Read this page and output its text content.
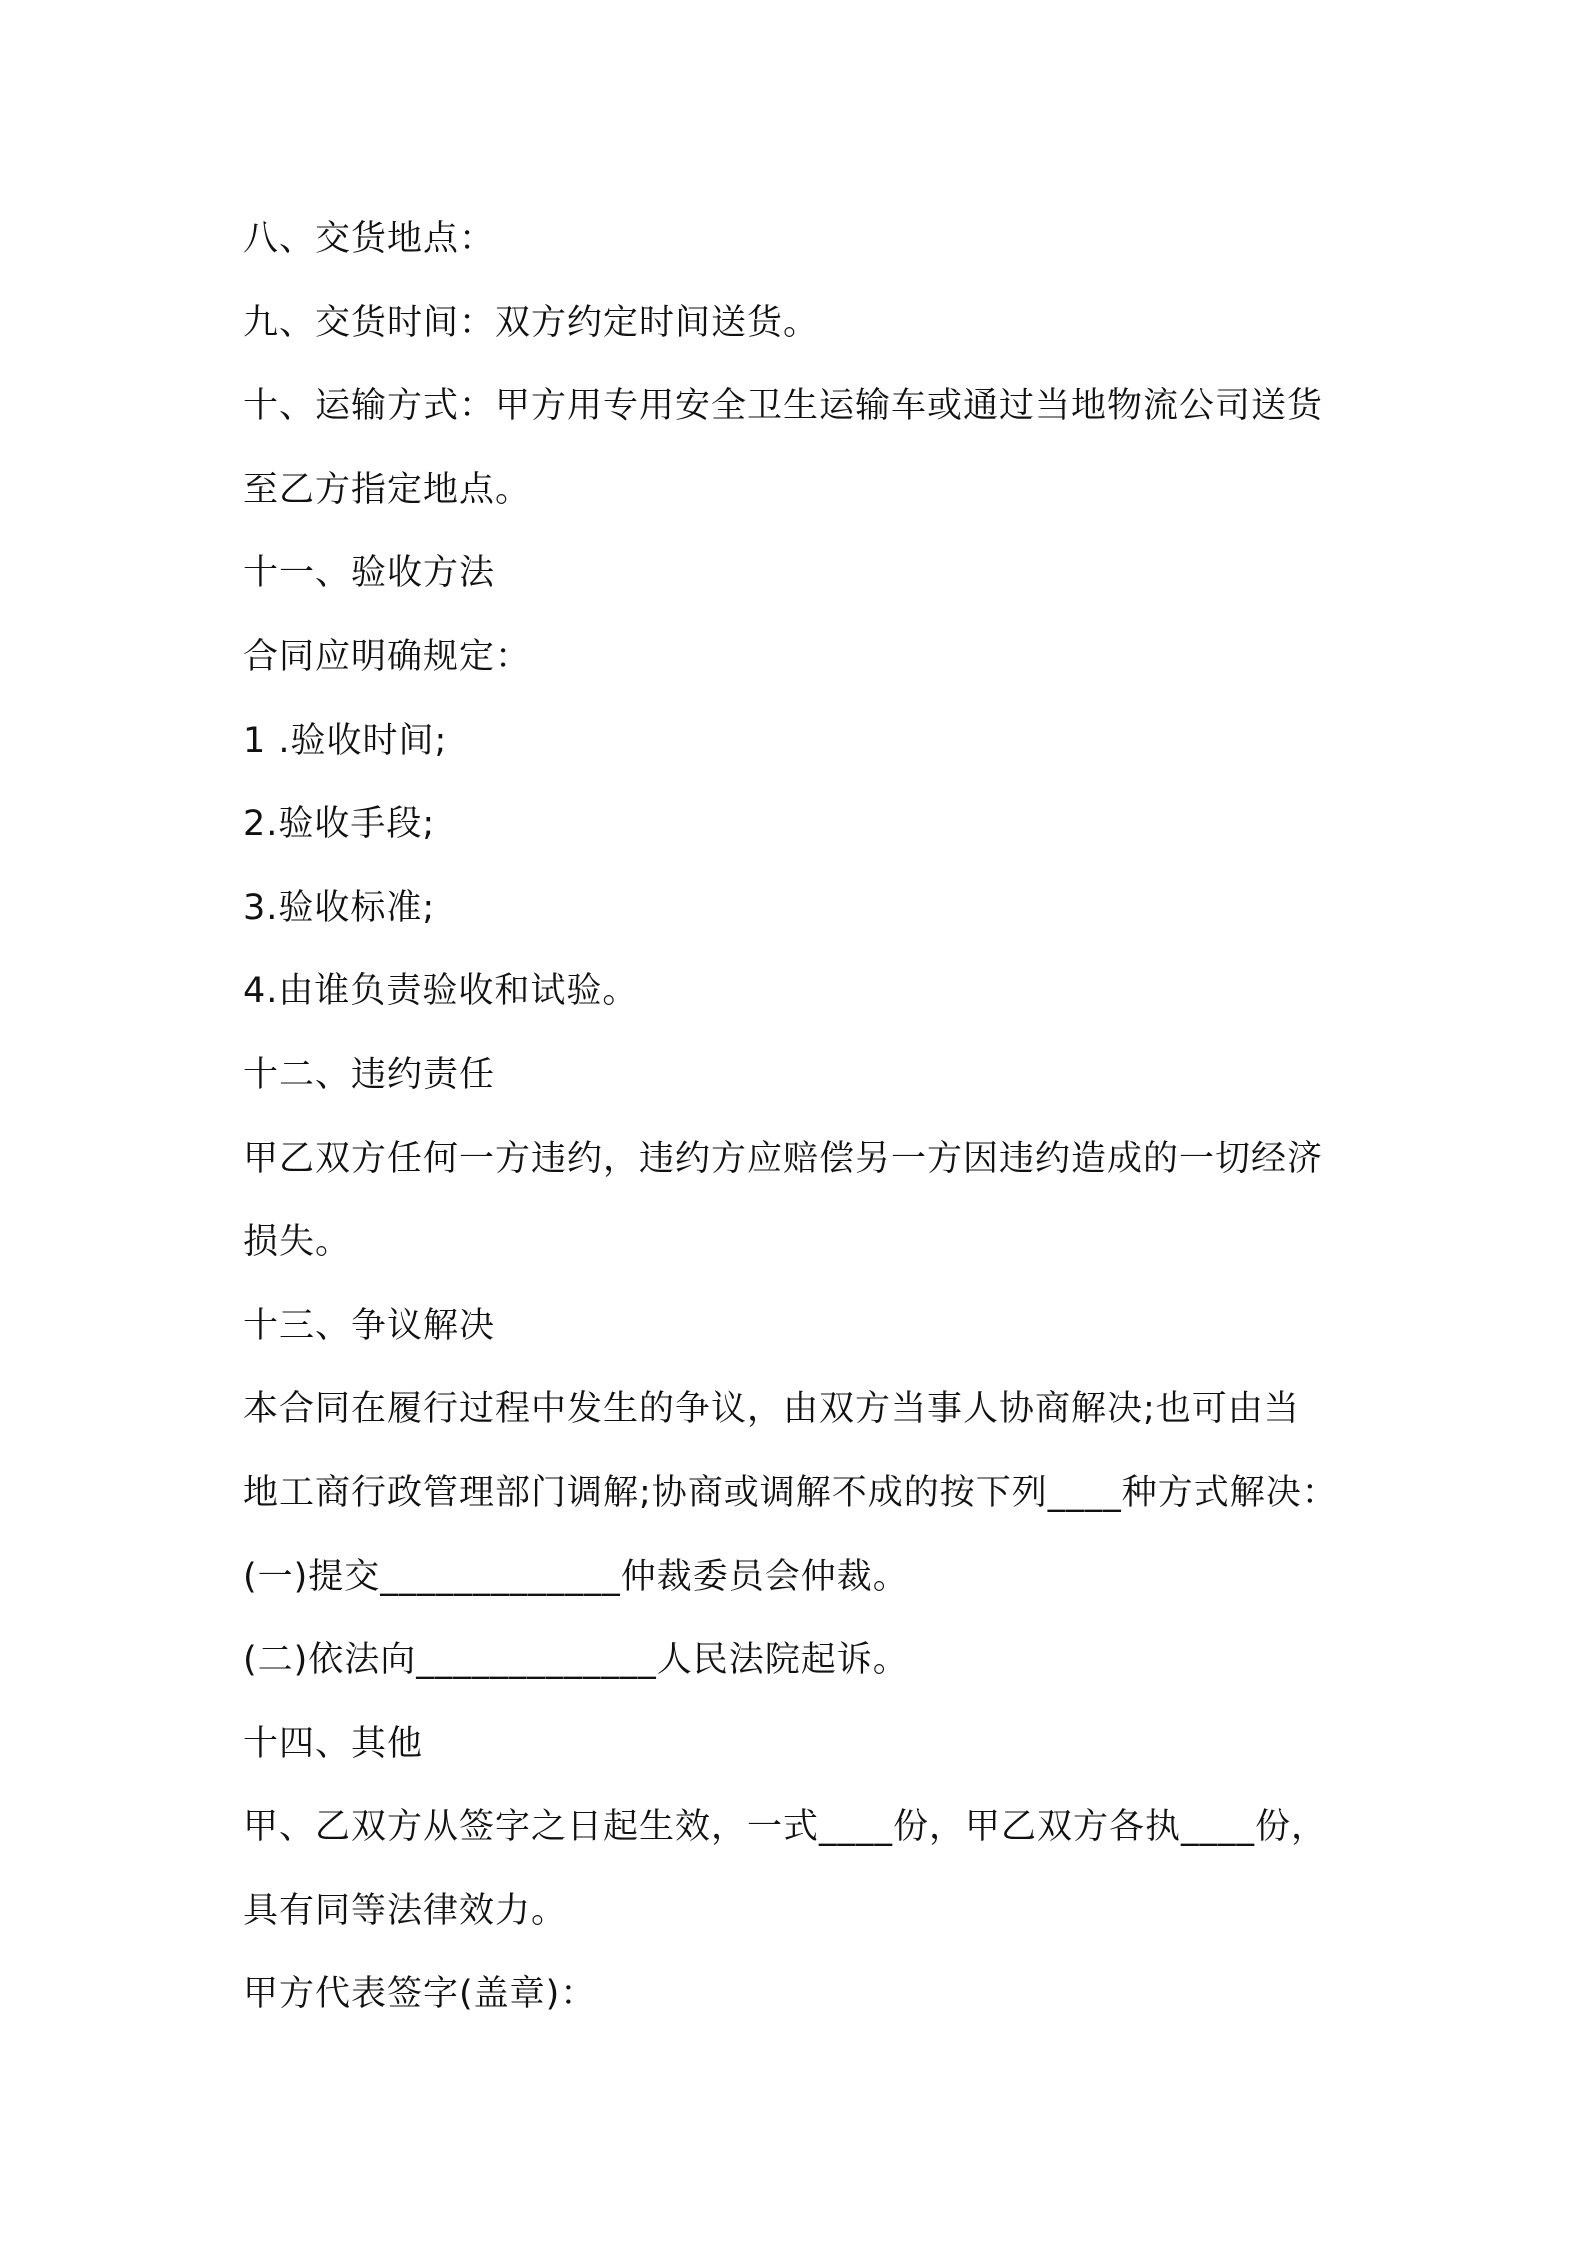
八、交货地点：
九、交货时间：双方约定时间送货。
十、运输方式：甲方用专用安全卫生运输车或通过当地物流公司送货
至乙方指定地点。
十一、验收方法
合同应明确规定：
1 .验收时间;
2.验收手段;
3.验收标准;
4.由谁负责验收和试验。
十二、违约责任
甲乙双方任何一方违约，违约方应赔偿另一方因违约造成的一切经济
损失。
十三、争议解决
本合同在履行过程中发生的争议，由双方当事人协商解决;也可由当
地工商行政管理部门调解;协商或调解不成的按下列____种方式解决：
(一)提交_____________仲裁委员会仲裁。
(二)依法向_____________人民法院起诉。
十四、其他
甲、乙双方从签字之日起生效，一式____份，甲乙双方各执____份，
具有同等法律效力。
甲方代表签字(盖章)：
